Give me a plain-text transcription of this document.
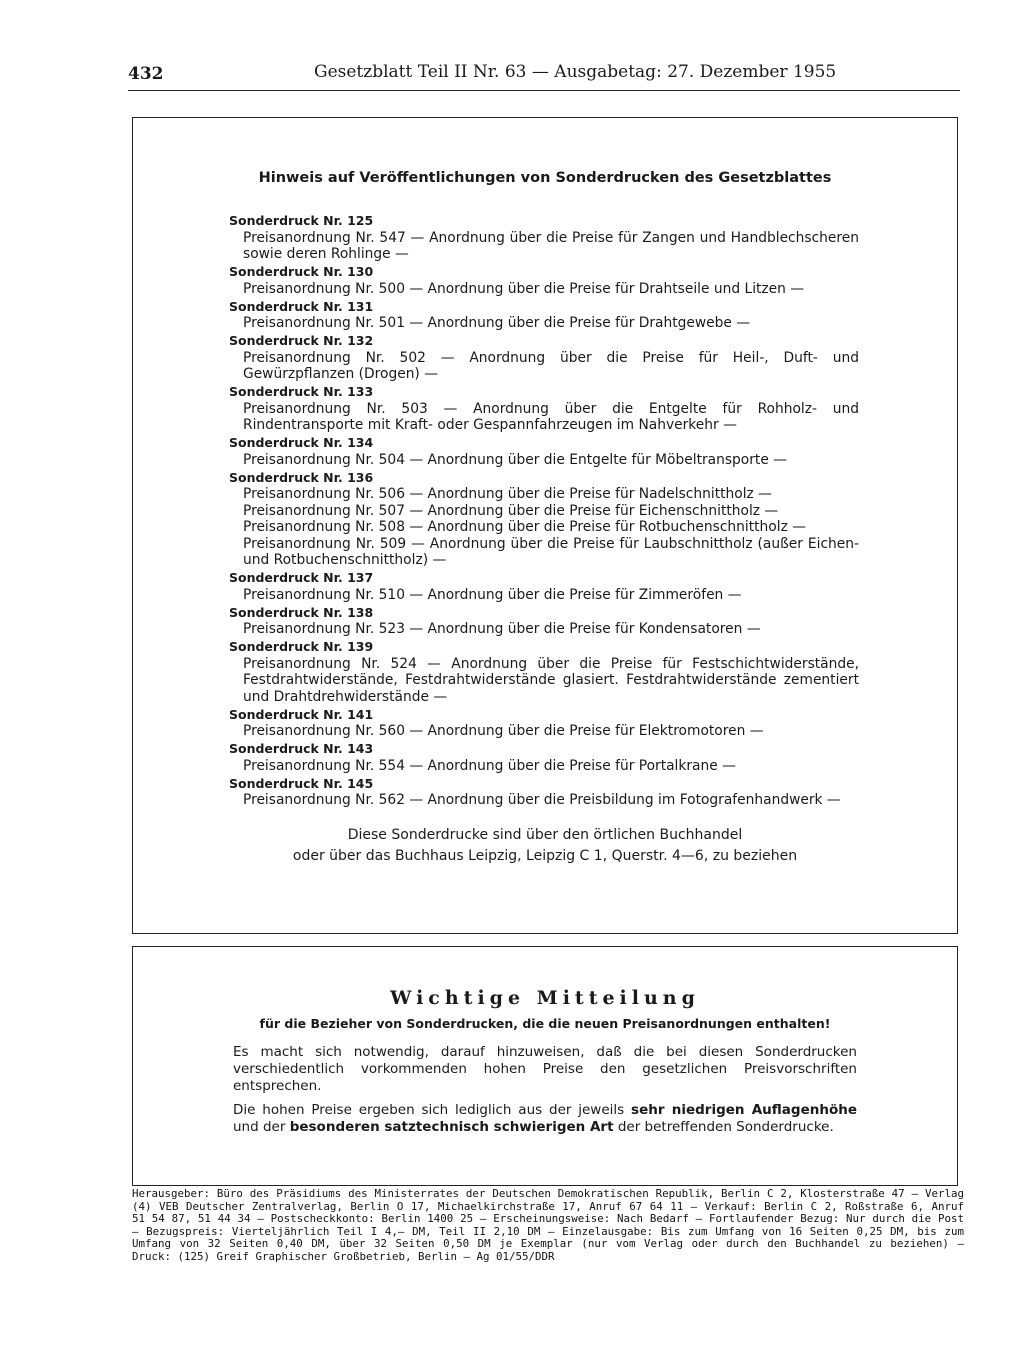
432	Gesetzblatt Teil II Nr. 63 — Ausgabetag: 27. Dezember 1955
Hinweis auf Veröffentlichungen von Sonderdrucken des Gesetzblattes
Sonderdruck Nr. 125
Preisanordnung Nr. 547 — Anordnung über die Preise für Zangen und Handblechscheren sowie deren Rohlinge —
Sonderdruck Nr. 130
Preisanordnung Nr. 500 — Anordnung über die Preise für Drahtseile und Litzen —
Sonderdruck Nr. 131
Preisanordnung Nr. 501 — Anordnung über die Preise für Drahtgewebe —
Sonderdruck Nr. 132
Preisanordnung Nr. 502 — Anordnung über die Preise für Heil-, Duft- und Gewürzpflanzen (Drogen) —
Sonderdruck Nr. 133
Preisanordnung Nr. 503 — Anordnung über die Entgelte für Rohholz- und Rindentransporte mit Kraft- oder Gespannfahrzeugen im Nahverkehr —
Sonderdruck Nr. 134
Preisanordnung Nr. 504 — Anordnung über die Entgelte für Möbeltransporte —
Sonderdruck Nr. 136
Preisanordnung Nr. 506 — Anordnung über die Preise für Nadelschnittholz —
Preisanordnung Nr. 507 — Anordnung über die Preise für Eichenschnittholz —
Preisanordnung Nr. 508 — Anordnung über die Preise für Rotbuchenschnittholz —
Preisanordnung Nr. 509 — Anordnung über die Preise für Laubschnittholz (außer Eichen- und Rotbuchenschnittholz) —
Sonderdruck Nr. 137
Preisanordnung Nr. 510 — Anordnung über die Preise für Zimmeröfen —
Sonderdruck Nr. 138
Preisanordnung Nr. 523 — Anordnung über die Preise für Kondensatoren —
Sonderdruck Nr. 139
Preisanordnung Nr. 524 — Anordnung über die Preise für Festschichtwiderstände, Festdrahtwiderstände, Festdrahtwiderstände glasiert. Festdrahtwiderstände zementiert und Drahtdrehwiderstände —
Sonderdruck Nr. 141
Preisanordnung Nr. 560 — Anordnung über die Preise für Elektromotoren —
Sonderdruck Nr. 143
Preisanordnung Nr. 554 — Anordnung über die Preise für Portalkrane —
Sonderdruck Nr. 145
Preisanordnung Nr. 562 — Anordnung über die Preisbildung im Fotografenhandwerk —
Diese Sonderdrucke sind über den örtlichen Buchhandel
oder über das Buchhaus Leipzig, Leipzig C 1, Querstr. 4—6, zu beziehen
Wichtige Mitteilung
für die Bezieher von Sonderdrucken, die die neuen Preisanordnungen enthalten!
Es macht sich notwendig, darauf hinzuweisen, daß die bei diesen Sonderdrucken verschiedentlich vorkommenden hohen Preise den gesetzlichen Preisvorschriften entsprechen.
Die hohen Preise ergeben sich lediglich aus der jeweils sehr niedrigen Auflagenhöhe und der besonderen satztechnisch schwierigen Art der betreffenden Sonderdrucke.
Herausgeber: Büro des Präsidiums des Ministerrates der Deutschen Demokratischen Republik, Berlin C 2, Klosterstraße 47 — Verlag (4) VEB Deutscher Zentralverlag, Berlin O 17, Michaelkirchstraße 17, Anruf 67 64 11 — Verkauf: Berlin C 2, Roßstraße 6, Anruf 51 54 87, 51 44 34 — Postscheckkonto: Berlin 1400 25 — Erscheinungsweise: Nach Bedarf — Fortlaufender Bezug: Nur durch die Post — Bezugspreis: Vierteljährlich Teil I 4,— DM, Teil II 2,10 DM — Einzelausgabe: Bis zum Umfang von 16 Seiten 0,25 DM, bis zum Umfang von 32 Seiten 0,40 DM, über 32 Seiten 0,50 DM je Exemplar (nur vom Verlag oder durch den Buchhandel zu beziehen) — Druck: (125) Greif Graphischer Großbetrieb, Berlin — Ag 01/55/DDR
